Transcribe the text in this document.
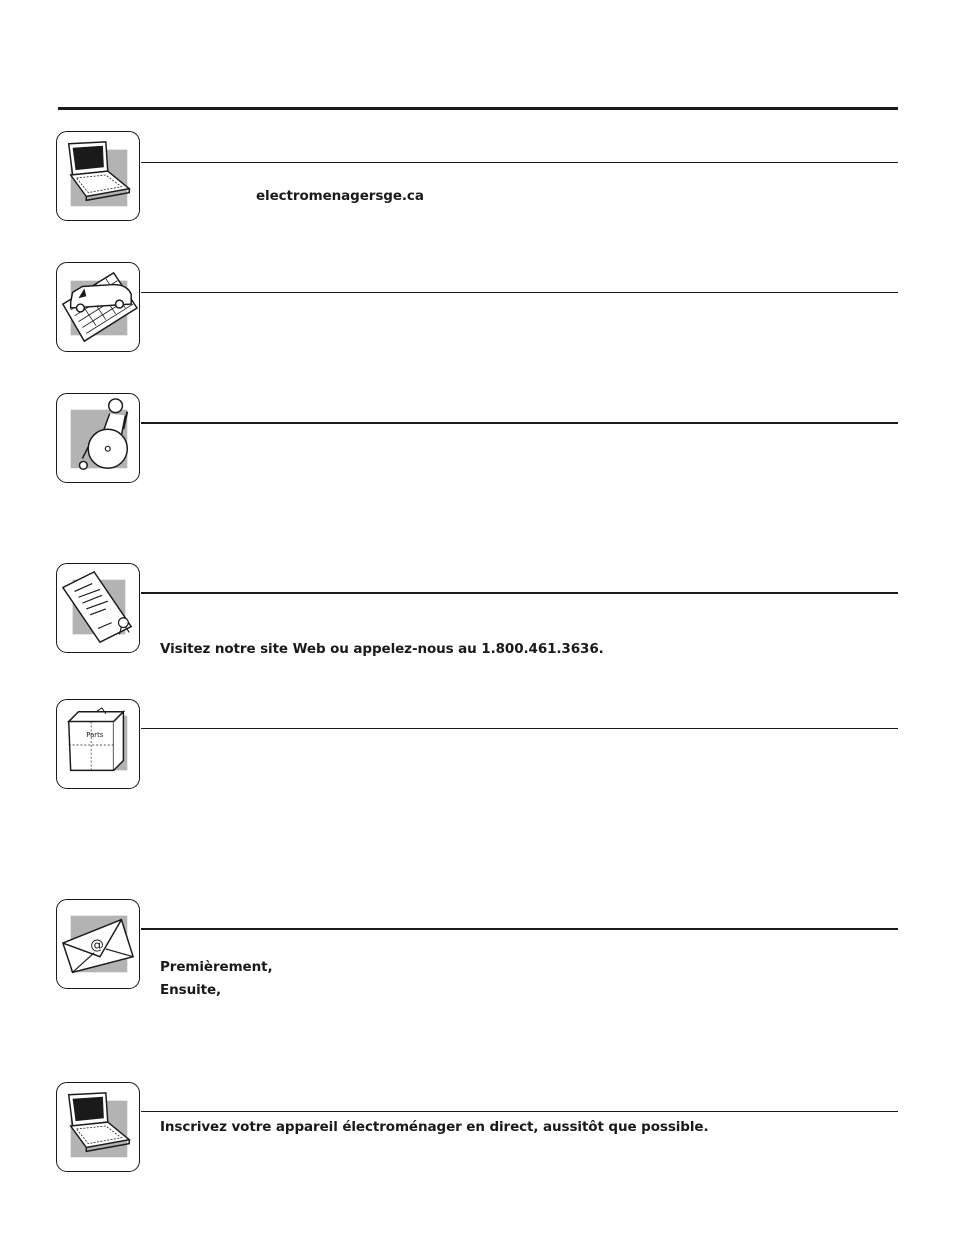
electromenagersge.ca
Visitez notre site Web ou appelez-nous au 1.800.461.3636.
Parts
@
Premièrement,
Ensuite,
Inscrivez votre appareil électroménager en direct, aussitôt que possible.
